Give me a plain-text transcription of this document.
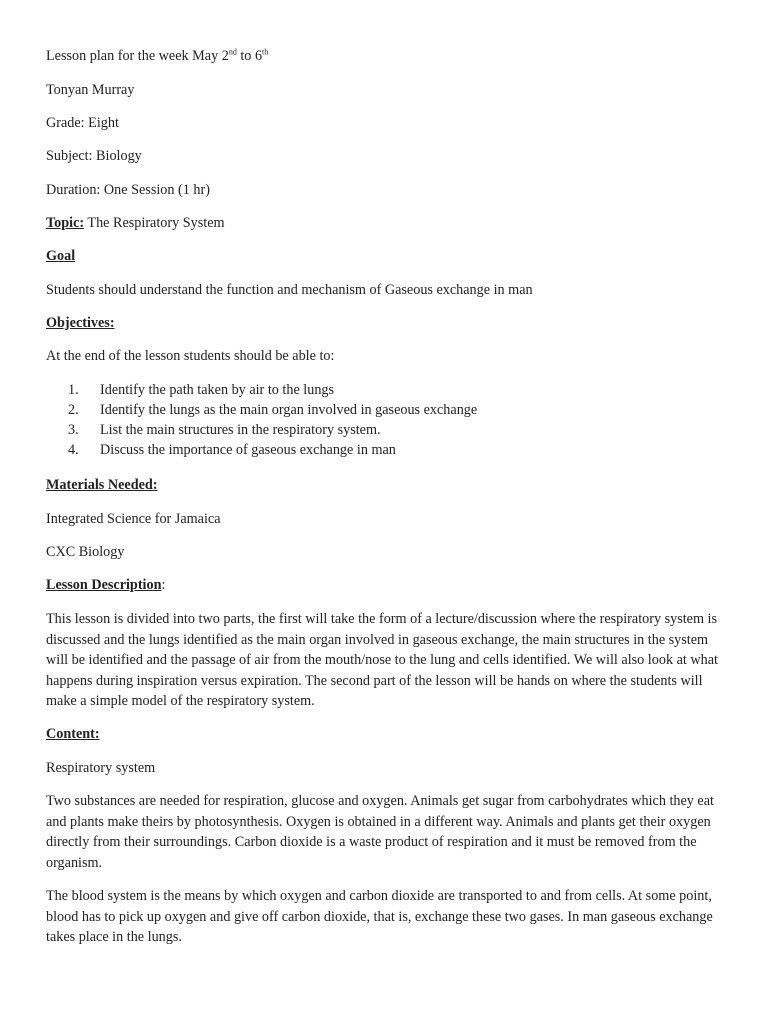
Lesson plan for the week May 2nd to 6th
Tonyan Murray
Grade: Eight
Subject: Biology
Duration: One Session (1 hr)
Topic: The Respiratory System
Goal
Students should understand the function and mechanism of Gaseous exchange in man
Objectives:
At the end of the lesson students should be able to:
1. Identify the path taken by air to the lungs
2. Identify the lungs as the main organ involved in gaseous exchange
3. List the main structures in the respiratory system.
4. Discuss the importance of gaseous exchange in man
Materials Needed:
Integrated Science for Jamaica
CXC Biology
Lesson Description:
This lesson is divided into two parts, the first will take the form of a lecture/discussion where the respiratory system is discussed and the lungs identified as the main organ involved in gaseous exchange, the main structures in the system will be identified and the passage of air from the mouth/nose to the lung and cells identified. We will also look at what happens during inspiration versus expiration. The second part of the lesson will be hands on where the students will make a simple model of the respiratory system.
Content:
Respiratory system
Two substances are needed for respiration, glucose and oxygen. Animals get sugar from carbohydrates which they eat and plants make theirs by photosynthesis. Oxygen is obtained in a different way. Animals and plants get their oxygen directly from their surroundings. Carbon dioxide is a waste product of respiration and it must be removed from the organism.
The blood system is the means by which oxygen and carbon dioxide are transported to and from cells. At some point, blood has to pick up oxygen and give off carbon dioxide, that is, exchange these two gases. In man gaseous exchange takes place in the lungs.
